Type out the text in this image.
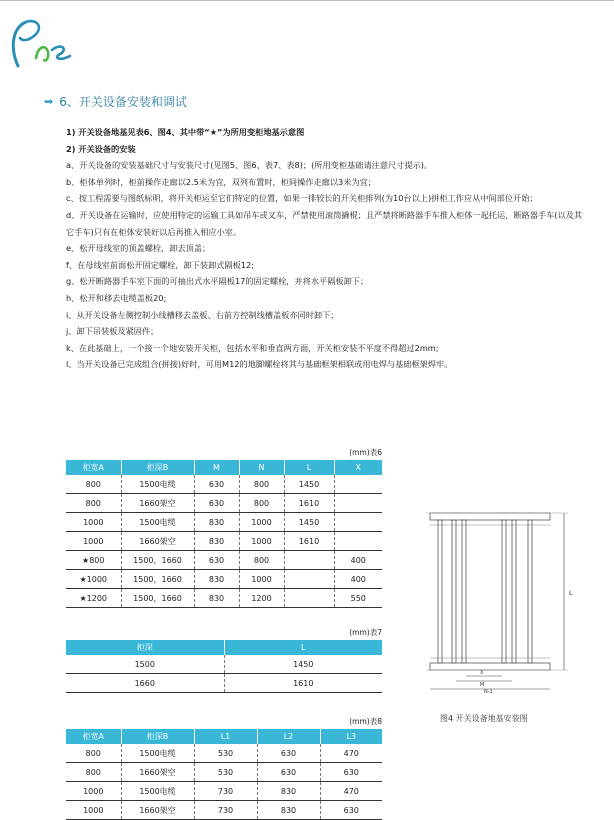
➡ 6、开关设备安装和调试
1) 开关设备地基见表6、图4、其中带“★”为所用变柜地基示意图
2) 开关设备的安装
a、开关设备的安装基础尺寸与安装尺寸(见图5、图6、表7、表8)；(所用变柜基础请注意尺寸提示)。
b、柜体单列时，柜前操作走廊以2.5米为宜，双列布置时，柜间操作走廊以3米为宜；
c、按工程需要与图纸标明，将开关柜运至它们特定的位置，如果一排较长的开关柜排列(为10台以上)拼柜工作应从中间部位开始；
d、开关设备在运输时，应使用特定的运输工具如吊车或叉车，严禁使用滚筒撬棍；且严禁将断路器手车推入柜体一起托运，断路器手车(以及其它手车)只有在柜体安装好以后再推入相应小室。
e、松开母线室的顶盖螺栓，卸去顶盖；
f、在母线室前面松开固定螺栓，卸下装卸式隔板12;
g、松开断路器手车室下面的可抽出式水平隔板17的固定螺栓，并将水平隔板卸下；
h、松开和移去电缆盖板20;
i、从开关设备左侧控制小线槽移去盖板、右前方控制线槽盖板亦同时卸下；
j、卸下吊装板及紧固件；
k、在此基础上，一个接一个地安装开关柜，包括水平和垂直两方面，开关柜安装不平度不得超过2mm;
l、当开关设备已完成组合(拼接)好时，可用M12的地脚螺栓将其与基础框架相联或用电焊与基础框架焊牢。
(mm)表6
柜宽A	柜深B	M	N	L	X
800	1500电缆	630	800	1450	
800	1660架空	630	800	1610	
1000	1500电缆	830	1000	1450	
1000	1660架空	830	1000	1610	
★800	1500，1660	630	800		400
★1000	1500，1660	830	1000		400
★1200	1500，1660	830	1200		550
(mm)表7
柜深	L
1500	1450
1660	1610
(mm)表8
柜宽A	柜深B	L1	L2	L3
800	1500电缆	530	630	470
800	1660架空	530	630	630
1000	1500电缆	730	830	470
1000	1660架空	730	830	630
L
X
M
N-1
图4 开关设备地基安装图
